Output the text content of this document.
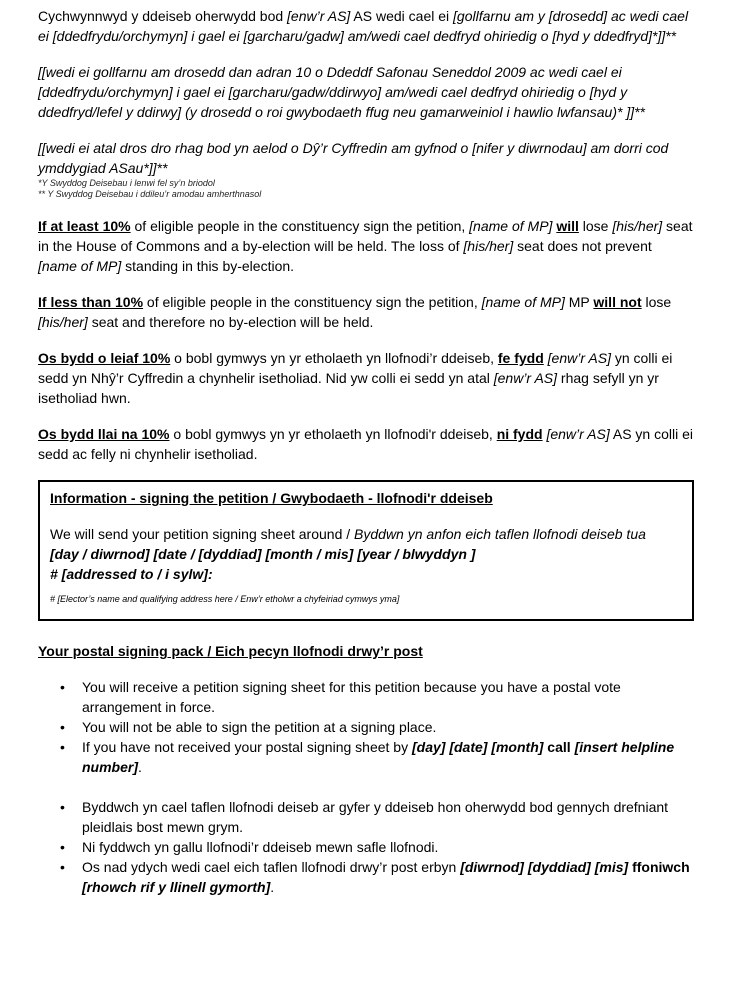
Cychwynnwyd y ddeiseb oherwydd bod [enw’r AS] AS wedi cael ei [gollfarnu am y [drosedd] ac wedi cael ei [ddedfrydu/orchymyn] i gael ei [garcharu/gadw] am/wedi cael dedfryd ohiriedig o [hyd y ddedfryd]*]]**

[[wedi ei gollfarnu am drosedd dan adran 10 o Ddeddf Safonau Seneddol 2009 ac wedi cael ei [ddedfrydu/orchymyn] i gael ei [garcharu/gadw/ddirwyo] am/wedi cael dedfryd ohiriedig o [hyd y ddedfryd/lefel y ddirwy] (y drosedd o roi gwybodaeth ffug neu gamarweiniol i hawlio lwfansau)* ]]**

[[wedi ei atal dros dro rhag bod yn aelod o Dŷ’r Cyffredin am gyfnod o [nifer y diwrnodau] am dorri cod ymddygiad ASau*]]**

*Y Swyddog Deisebau i lenwi fel sy’n briodol
** Y Swyddog Deisebau i ddileu’r amodau amherthnasol

If at least 10% of eligible people in the constituency sign the petition, [name of MP] will lose [his/her] seat in the House of Commons and a by-election will be held. The loss of [his/her] seat does not prevent [name of MP] standing in this by-election.

If less than 10% of eligible people in the constituency sign the petition, [name of MP] MP will not lose [his/her] seat and therefore no by-election will be held.

Os bydd o leiaf 10% o bobl gymwys yn yr etholaeth yn llofnodi’r ddeiseb, fe fydd [enw’r AS] yn colli ei sedd yn Nhŷ’r Cyffredin a chynhelir isetholiad. Nid yw colli ei sedd yn atal [enw’r AS] rhag sefyll yn yr isetholiad hwn.

Os bydd llai na 10% o bobl gymwys yn yr etholaeth yn llofnodi'r ddeiseb, ni fydd [enw’r AS] AS yn colli ei sedd ac felly ni chynhelir isetholiad.

Information - signing the petition / Gwybodaeth - llofnodi'r ddeiseb

We will send your petition signing sheet around / Byddwn yn anfon eich taflen llofnodi deiseb tua

[day / diwrnod] [date / [dyddiad] [month / mis] [year / blwyddyn ]

# [addressed to / i sylw]:

# [Elector’s name and qualifying address here / Enw’r etholwr a chyfeiriad cymwys yma]
Your postal signing pack / Eich pecyn llofnodi drwy’r post
• You will receive a petition signing sheet for this petition because you have a postal vote arrangement in force.
• You will not be able to sign the petition at a signing place.
• If you have not received your postal signing sheet by [day] [date] [month] call [insert helpline number].
• Byddwch yn cael taflen llofnodi deiseb ar gyfer y ddeiseb hon oherwydd bod gennych drefniant pleidlais bost mewn grym.
• Ni fyddwch yn gallu llofnodi’r ddeiseb mewn safle llofnodi.
• Os nad ydych wedi cael eich taflen llofnodi drwy’r post erbyn [diwrnod] [dyddiad] [mis] ffoniwch [rhowch rif y llinell gymorth].
